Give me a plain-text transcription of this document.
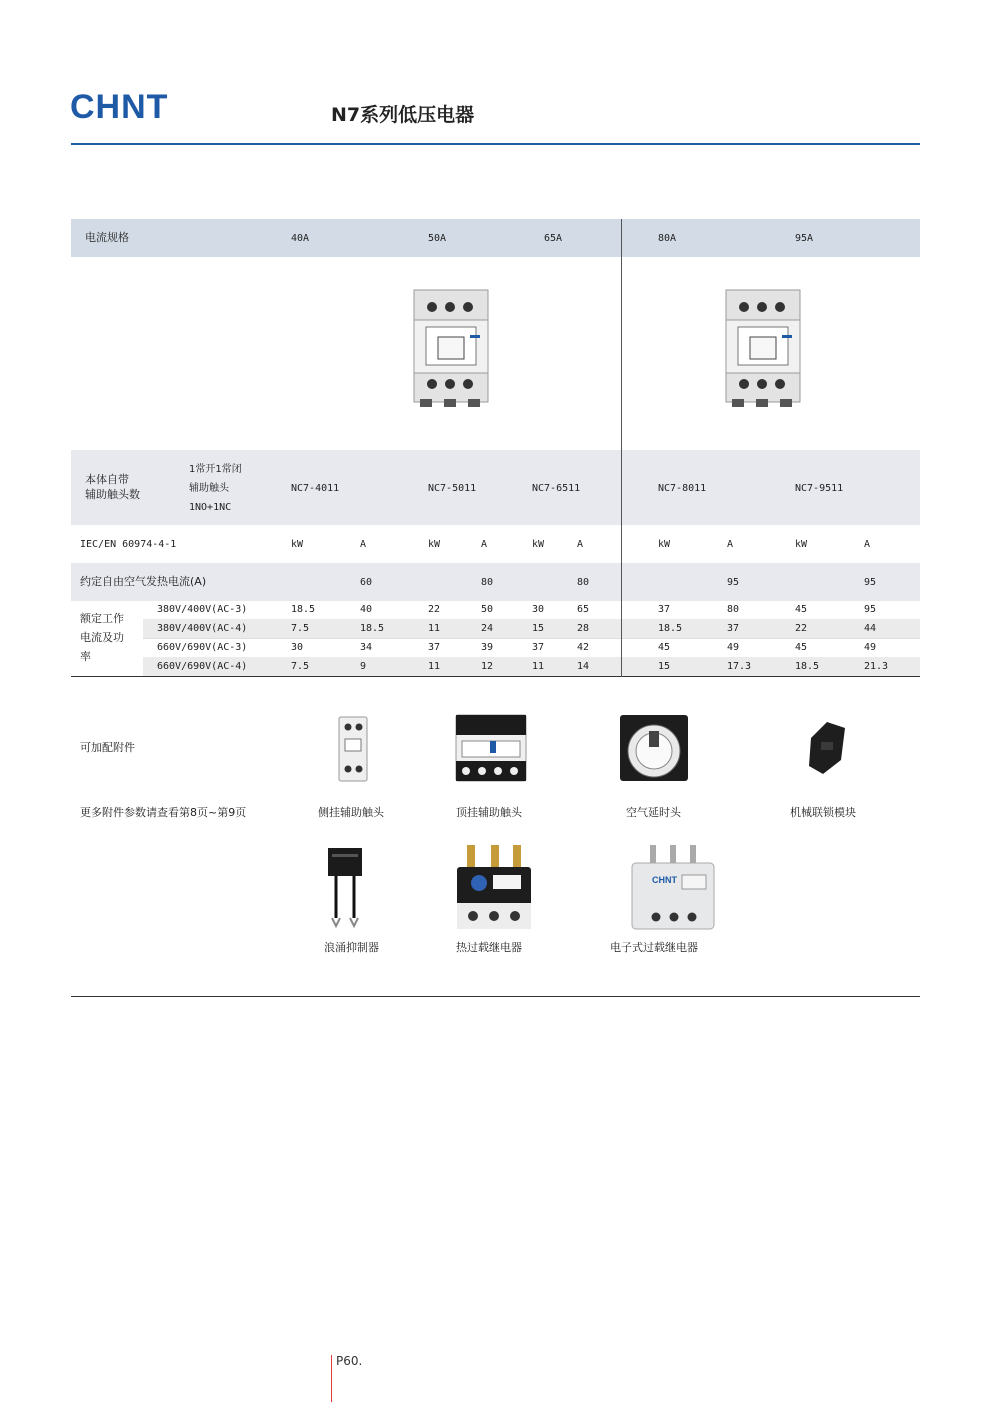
CHNT	N7系列低压电器
电流规格	40A	50A	65A	80A	95A
本体自带
辅助触头数
1常开1常闭
辅助触头
1NO+1NC
NC7-4011	NC7-5011	NC7-6511	NC7-8011	NC7-9511
IEC/EN 60974-4-1	kW	A	kW	A	kW	A	kW	A	kW	A
约定自由空气发热电流(A)	60	80	80	95	95
额定工作
电流及功
率
380V/400V(AC-3)	18.5	40	22	50	30	65	37	80	45	95
380V/400V(AC-4)	7.5	18.5	11	24	15	28	18.5	37	22	44
660V/690V(AC-3)	30	34	37	39	37	42	45	49	45	49
660V/690V(AC-4)	7.5	9	11	12	11	14	15	17.3	18.5	21.3
可加配附件
更多附件参数请查看第8页~第9页
CHNT
侧挂辅助触头	顶挂辅助触头	空气延时头	机械联锁模块
浪涌抑制器	热过载继电器	电子式过载继电器
P60.
